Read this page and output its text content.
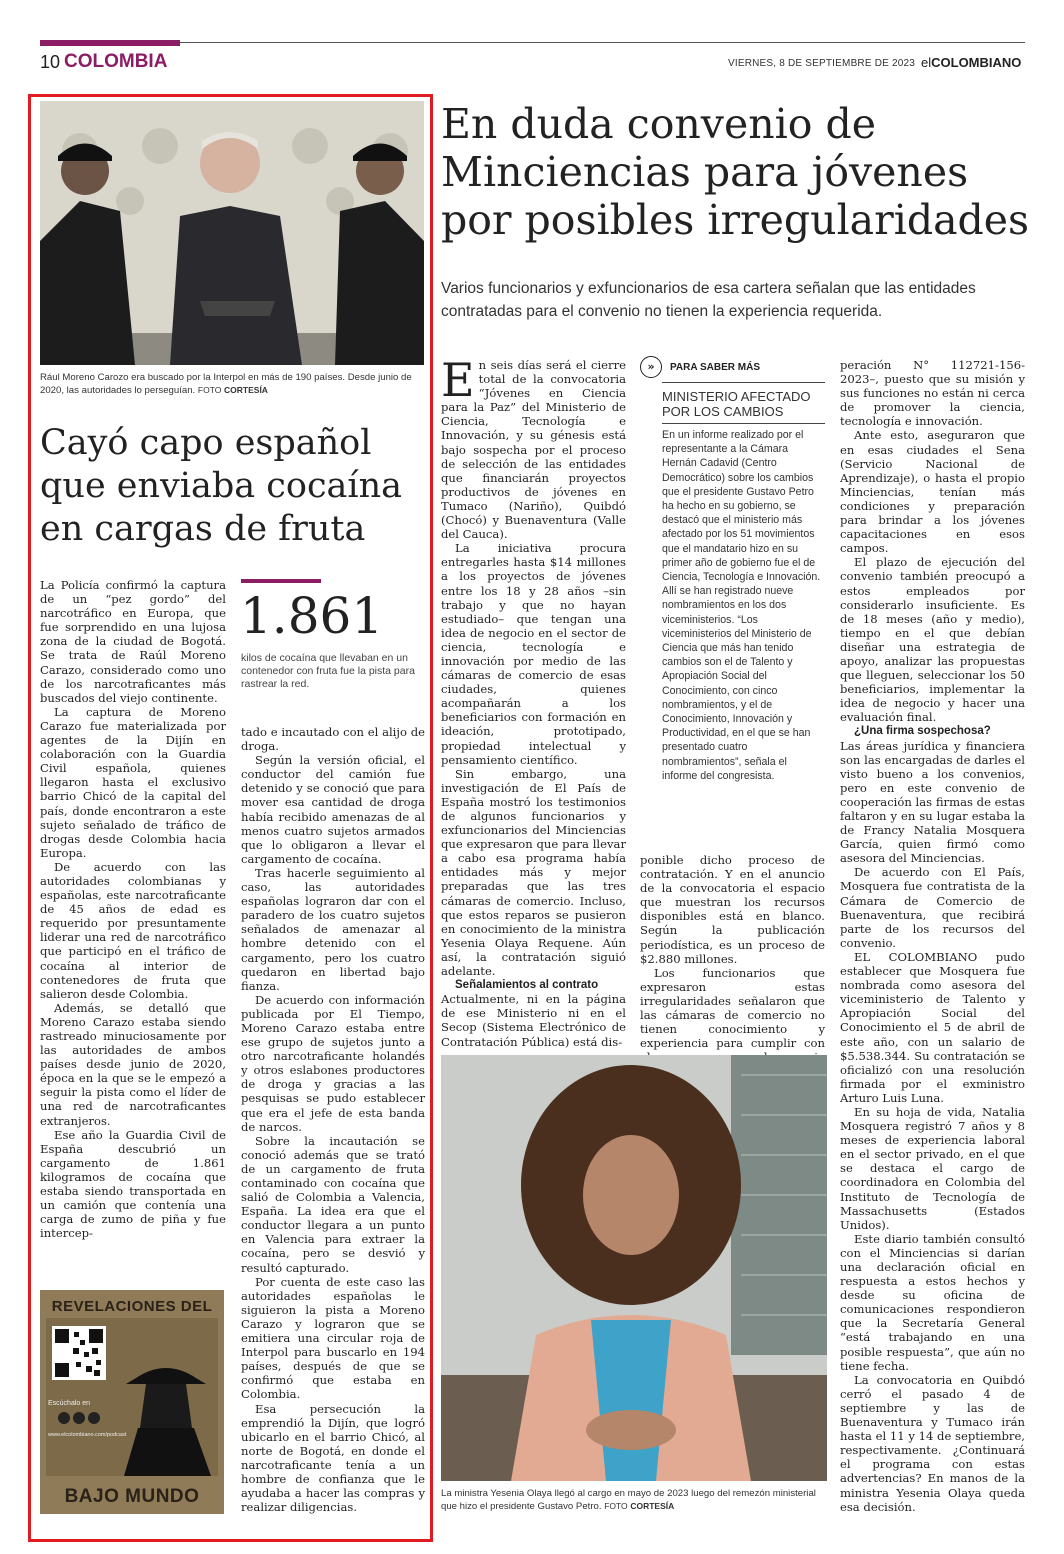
10 COLOMBIA	VIERNES, 8 DE SEPTIEMBRE DE 2023 elCOLOMBIANO
Rául Moreno Carozo era buscado por la Interpol en más de 190 países. Desde junio de 2020, las autoridades lo perseguían. FOTO CORTESÍA
Cayó capo español que enviaba cocaína en cargas de fruta
1.861
kilos de cocaína que llevaban en un contenedor con fruta fue la pista para rastrear la red.

La Policía confirmó la captura de un “pez gordo” del narcotráfico en Europa, que fue sorprendido en una lujosa zona de la ciudad de Bogotá. Se trata de Raúl Moreno Carazo, considerado como uno de los narcotraficantes más buscados del viejo continente.

La captura de Moreno Carazo fue materializada por agentes de la Dijín en colaboración con la Guardia Civil española, quienes llegaron hasta el exclusivo barrio Chicó de la capital del país, donde encontraron a este sujeto señalado de tráfico de drogas desde Colombia hacia Europa.

De acuerdo con las autoridades colombianas y españolas, este narcotraficante de 45 años de edad es requerido por presuntamente liderar una red de narcotráfico que participó en el tráfico de cocaína al interior de contenedores de fruta que salieron desde Colombia.

Además, se detalló que Moreno Carazo estaba siendo rastreado minuciosamente por las autoridades de ambos países desde junio de 2020, época en la que se le empezó a seguir la pista como el líder de una red de narcotraficantes extranjeros.

Ese año la Guardia Civil de España descubrió un cargamento de 1.861 kilogramos de cocaína que estaba siendo transportada en un camión que contenía una carga de zumo de piña y fue intercep-

tado e incautado con el alijo de droga.

Según la versión oficial, el conductor del camión fue detenido y se conoció que para mover esa cantidad de droga había recibido amenazas de al menos cuatro sujetos armados que lo obligaron a llevar el cargamento de cocaína.

Tras hacerle seguimiento al caso, las autoridades españolas lograron dar con el paradero de los cuatro sujetos señalados de amenazar al hombre detenido con el cargamento, pero los cuatro quedaron en libertad bajo fianza.

De acuerdo con información publicada por El Tiempo, Moreno Carazo estaba entre ese grupo de sujetos junto a otro narcotraficante holandés y otros eslabones productores de droga y gracias a las pesquisas se pudo establecer que era el jefe de esta banda de narcos.

Sobre la incautación se conoció además que se trató de un cargamento de fruta contaminado con cocaína que salió de Colombia a Valencia, España. La idea era que el conductor llegara a un punto en Valencia para extraer la cocaína, pero se desvió y resultó capturado.

Por cuenta de este caso las autoridades españolas le siguieron la pista a Moreno Carazo y lograron que se emitiera una circular roja de Interpol para buscarlo en 194 países, después de que se confirmó que estaba en Colombia.

Esa persecución la emprendió la Dijín, que logró ubicarlo en el barrio Chicó, al norte de Bogotá, en donde el narcotraficante tenía a un hombre de confianza que le ayudaba a hacer las compras y realizar diligencias.

REVELACIONES DEL
Escúchalo en
www.elcolombiano.com/podcast
BAJO MUNDO
En duda convenio de Minciencias para jóvenes por posibles irregularidades
Varios funcionarios y exfuncionarios de esa cartera señalan que las entidades contratadas para el convenio no tienen la experiencia requerida.

En seis días será el cierre total de la convocatoria “Jóvenes en Ciencia para la Paz” del Ministerio de Ciencia, Tecnología e Innovación, y su génesis está bajo sospecha por el proceso de selección de las entidades que financiarán proyectos productivos de jóvenes en Tumaco (Nariño), Quibdó (Chocó) y Buenaventura (Valle del Cauca).

La iniciativa procura entregarles hasta $14 millones a los proyectos de jóvenes entre los 18 y 28 años –sin trabajo y que no hayan estudiado– que tengan una idea de negocio en el sector de ciencia, tecnología e innovación por medio de las cámaras de comercio de esas ciudades, quienes acompañarán a los beneficiarios con formación en ideación, prototipado, propiedad intelectual y pensamiento científico.

Sin embargo, una investigación de El País de España mostró los testimonios de algunos funcionarios y exfuncionarios del Minciencias que expresaron que para llevar a cabo esa programa había entidades más y mejor preparadas que las tres cámaras de comercio. Incluso, que estos reparos se pusieron en conocimiento de la ministra Yesenia Olaya Requene. Aún así, la contratación siguió adelante.

Señalamientos al contrato

Actualmente, ni en la página de ese Ministerio ni en el Secop (Sistema Electrónico de Contratación Pública) está dis-

»	PARA SABER MÁS
MINISTERIO AFECTADO POR LOS CAMBIOS
En un informe realizado por el representante a la Cámara Hernán Cadavid (Centro Democrático) sobre los cambios que el presidente Gustavo Petro ha hecho en su gobierno, se destacó que el ministerio más afectado por los 51 movimientos que el mandatario hizo en su primer año de gobierno fue el de Ciencia, Tecnología e Innovación. Allí se han registrado nueve nombramientos en los dos viceministerios. “Los viceministerios del Ministerio de Ciencia que más han tenido cambios son el de Talento y Apropiación Social del Conocimiento, con cinco nombramientos, y el de Conocimiento, Innovación y Productividad, en el que se han presentado cuatro nombramientos”, señala el informe del congresista.

ponible dicho proceso de contratación. Y en el anuncio de la convocatoria el espacio que muestran los recursos disponibles está en blanco. Según la publicación periodística, es un proceso de $2.880 millones.

Los funcionarios que expresaron estas irregularidades señalaron que las cámaras de comercio no tienen conocimiento y experiencia para cumplir con

peración N° 112721-156-2023–, puesto que su misión y sus funciones no están ni cerca de promover la ciencia, tecnología e innovación.

Ante esto, aseguraron que en esas ciudades el Sena (Servicio Nacional de Aprendizaje), o hasta el propio Minciencias, tenían más condiciones y preparación para brindar a los jóvenes capacitaciones en esos campos.

El plazo de ejecución del convenio también preocupó a estos empleados por considerarlo insuficiente. Es de 18 meses (año y medio), tiempo en el que debían diseñar una estrategia de apoyo, analizar las propuestas que lleguen, seleccionar los 50 beneficiarios, implementar la idea de negocio y hacer una evaluación final.

¿Una firma sospechosa?

Las áreas jurídica y financiera son las encargadas de darles el visto bueno a los convenios, pero en este convenio de cooperación las firmas de estas faltaron y en su lugar estaba la de Francy Natalia Mosquera García, quien firmó como asesora del Minciencias.

De acuerdo con El País, Mosquera fue contratista de la Cámara de Comercio de Buenaventura, que recibirá parte de los recursos del convenio.

EL COLOMBIANO pudo establecer que Mosquera fue nombrada como asesora del viceministerio de Talento y Apropiación Social del Conocimiento el 5 de abril de este año, con un salario de $5.538.344. Su contratación se oficializó con una resolución firmada por el exministro Arturo Luis Luna.

En su hoja de vida, Natalia Mosquera registró 7 años y 8 meses de experiencia laboral en el sector privado, en el que se destaca el cargo de coordinadora en Colombia del Instituto de Tecnología de Massachusetts (Estados Unidos).

Este diario también consultó con el Minciencias si darían una declaración oficial en respuesta a estos hechos y desde su oficina de comunicaciones respondieron que la Secretaría General “está trabajando en una posible respuesta”, que aún no tiene fecha.

La convocatoria en Quibdó cerró el pasado 4 de septiembre y las de Buenaventura y Tumaco irán hasta el 11 y 14 de septiembre, respectivamente. ¿Continuará el programa con estas advertencias? En manos de la ministra Yesenia Olaya queda esa decisión.

La ministra Yesenia Olaya llegó al cargo en mayo de 2023 luego del remezón ministerial que hizo el presidente Gustavo Petro. FOTO CORTESÍA
